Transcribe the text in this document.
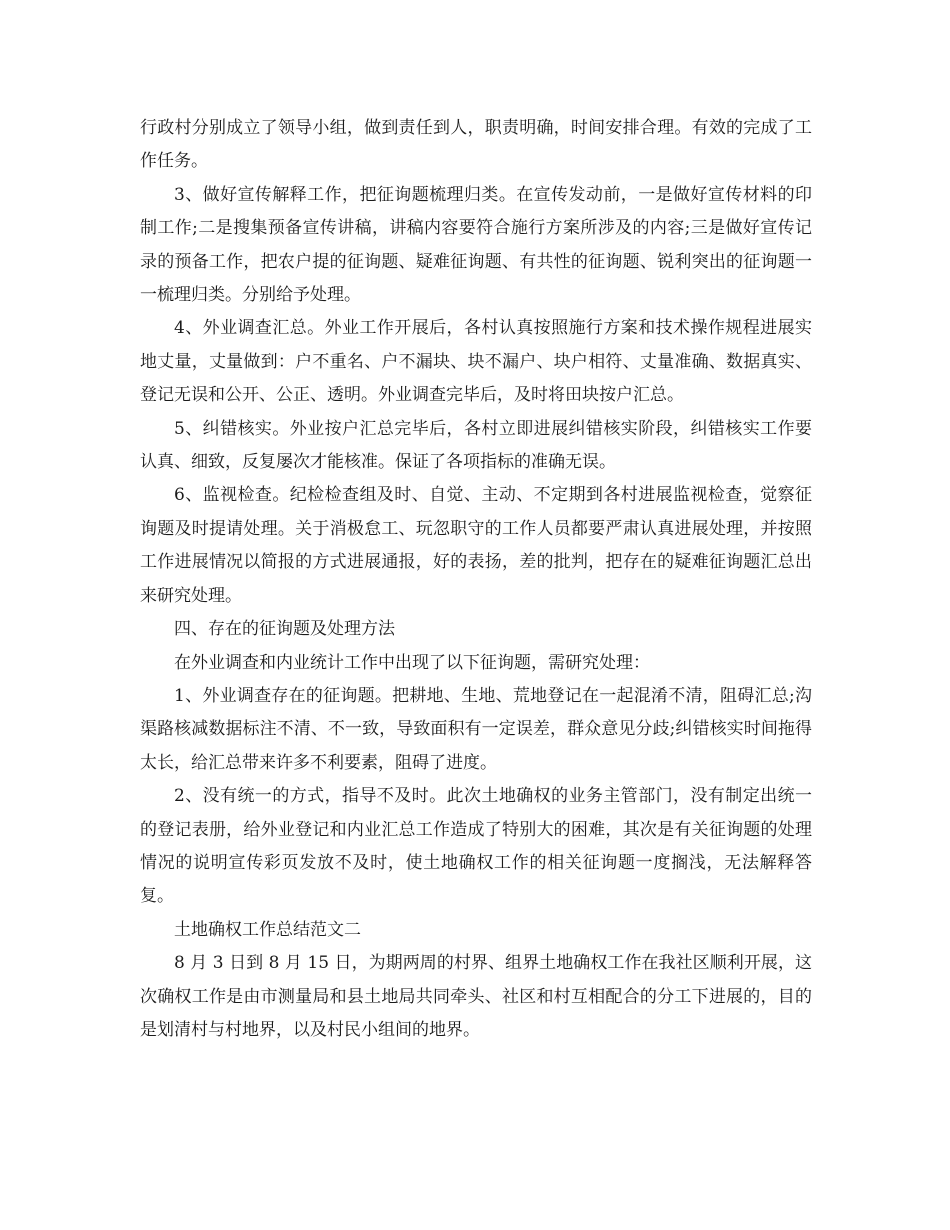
行政村分别成立了领导小组，做到责任到人，职责明确，时间安排合理。有效的完成了工作任务。

3、做好宣传解释工作，把征询题梳理归类。在宣传发动前，一是做好宣传材料的印制工作;二是搜集预备宣传讲稿，讲稿内容要符合施行方案所涉及的内容;三是做好宣传记录的预备工作，把农户提的征询题、疑难征询题、有共性的征询题、锐利突出的征询题一一梳理归类。分别给予处理。

4、外业调查汇总。外业工作开展后，各村认真按照施行方案和技术操作规程进展实地丈量，丈量做到：户不重名、户不漏块、块不漏户、块户相符、丈量准确、数据真实、登记无误和公开、公正、透明。外业调查完毕后，及时将田块按户汇总。

5、纠错核实。外业按户汇总完毕后，各村立即进展纠错核实阶段，纠错核实工作要认真、细致，反复屡次才能核准。保证了各项指标的准确无误。

6、监视检查。纪检检查组及时、自觉、主动、不定期到各村进展监视检查，觉察征询题及时提请处理。关于消极怠工、玩忽职守的工作人员都要严肃认真进展处理，并按照工作进展情况以简报的方式进展通报，好的表扬，差的批判，把存在的疑难征询题汇总出来研究处理。

四、存在的征询题及处理方法

在外业调查和内业统计工作中出现了以下征询题，需研究处理：

1、外业调查存在的征询题。把耕地、生地、荒地登记在一起混淆不清，阻碍汇总;沟渠路核减数据标注不清、不一致，导致面积有一定误差，群众意见分歧;纠错核实时间拖得太长，给汇总带来许多不利要素，阻碍了进度。

2、没有统一的方式，指导不及时。此次土地确权的业务主管部门，没有制定出统一的登记表册，给外业登记和内业汇总工作造成了特别大的困难，其次是有关征询题的处理情况的说明宣传彩页发放不及时，使土地确权工作的相关征询题一度搁浅，无法解释答复。

土地确权工作总结范文二

8 月 3 日到 8 月 15 日，为期两周的村界、组界土地确权工作在我社区顺利开展，这次确权工作是由市测量局和县土地局共同牵头、社区和村互相配合的分工下进展的，目的是划清村与村地界，以及村民小组间的地界。
